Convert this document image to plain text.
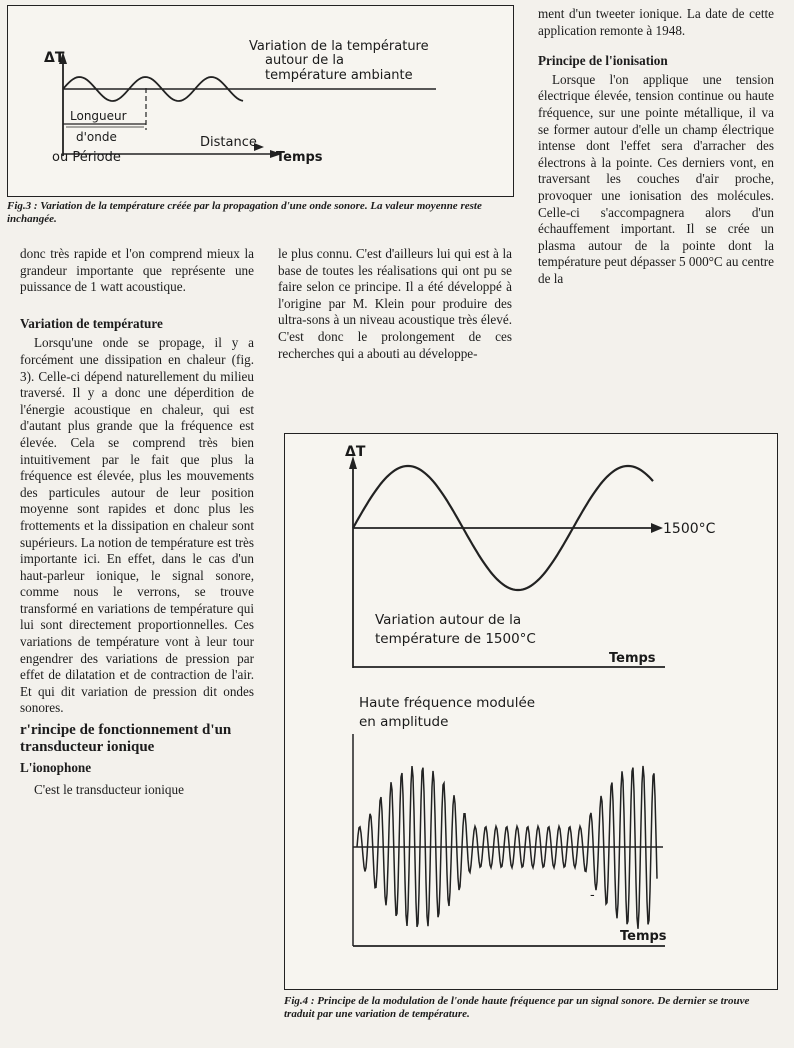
ΔT
Variation de la température
autour de la
température ambiante
Longueur
d'onde
ou Période
Distance
Temps
Fig.3 : Variation de la température créée par la propagation d'une onde sonore. La valeur moyenne reste inchangée.

donc très rapide et l'on comprend mieux la grandeur importante que représente une puissance de 1 watt acoustique.

Variation de température

Lorsqu'une onde se propage, il y a forcément une dissipation en chaleur (fig. 3). Celle-ci dépend naturellement du milieu traversé. Il y a donc une déperdition de l'énergie acoustique en chaleur, qui est d'autant plus grande que la fréquence est élevée. Cela se comprend très bien intuitivement par le fait que plus la fréquence est élevée, plus les mouvements des particules autour de leur position moyenne sont rapides et donc plus les frottements et la dissipation en chaleur sont supérieurs. La notion de température est très importante ici. En effet, dans le cas d'un haut-parleur ionique, le signal sonore, comme nous le verrons, se trouve transformé en variations de température qui lui sont directement proportionnelles. Ces variations de température vont à leur tour engendrer des variations de pression par effet de dilatation et de contraction de l'air. Et qui dit variation de pression dit ondes sonores.

r'rincipe de fonctionnement d'un transducteur ionique
L'ionophone

C'est le transducteur ionique

le plus connu. C'est d'ailleurs lui qui est à la base de toutes les réalisations qui ont pu se faire selon ce principe. Il a été développé à l'origine par M. Klein pour produire des ultra-sons à un niveau acoustique très élevé. C'est donc le prolongement de ces recherches qui a abouti au développe-

ment d'un tweeter ionique. La date de cette application remonte à 1948.

Principe de l'ionisation

Lorsque l'on applique une tension électrique élevée, tension continue ou haute fréquence, sur une pointe métallique, il va se former autour d'elle un champ électrique intense dont l'effet sera d'arracher des électrons à la pointe. Ces derniers vont, en traversant les couches d'air proche, provoquer une ionisation des molécules. Celle-ci s'accompagnera alors d'un échauffement important. Il se crée un plasma autour de la pointe dont la température peut dépasser 5 000°C au centre de la

ΔT
1500°C
Variation autour de la
température de 1500°C
Temps
Haute fréquence modulée
en amplitude
Temps
-
Fig.4 : Principe de la modulation de l'onde haute fréquence par un signal sonore. De dernier se trouve traduit par une variation de température.
